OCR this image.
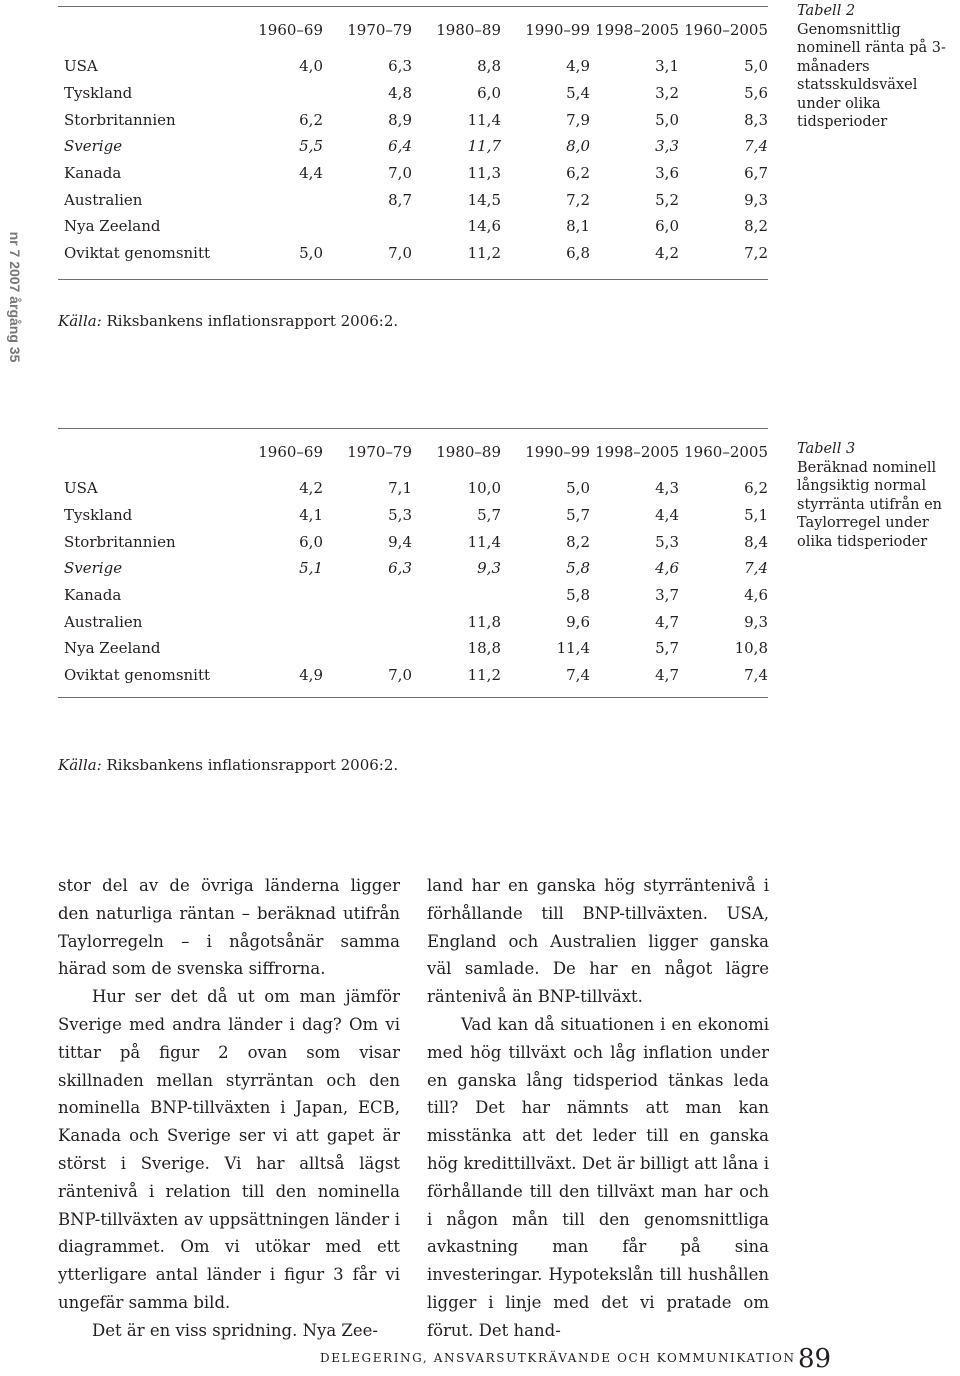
nr 7 2007 årgång 35
	1960–69	1970–79	1980–89	1990–99	1998–2005	1960–2005
USA	4,0	6,3	8,8	4,9	3,1	5,0
Tyskland		4,8	6,0	5,4	3,2	5,6
Storbritannien	6,2	8,9	11,4	7,9	5,0	8,3
Sverige	5,5	6,4	11,7	8,0	3,3	7,4
Kanada	4,4	7,0	11,3	6,2	3,6	6,7
Australien		8,7	14,5	7,2	5,2	9,3
Nya Zeeland			14,6	8,1	6,0	8,2
Oviktat genomsnitt	5,0	7,0	11,2	6,8	4,2	7,2
Källa: Riksbankens inflationsrapport 2006:2.
Tabell 2
Genomsnittlig nominell ränta på 3-månaders statsskuldsväxel under olika tidsperioder
	1960–69	1970–79	1980–89	1990–99	1998–2005	1960–2005
USA	4,2	7,1	10,0	5,0	4,3	6,2
Tyskland	4,1	5,3	5,7	5,7	4,4	5,1
Storbritannien	6,0	9,4	11,4	8,2	5,3	8,4
Sverige	5,1	6,3	9,3	5,8	4,6	7,4
Kanada				5,8	3,7	4,6
Australien			11,8	9,6	4,7	9,3
Nya Zeeland			18,8	11,4	5,7	10,8
Oviktat genomsnitt	4,9	7,0	11,2	7,4	4,7	7,4
Källa: Riksbankens inflationsrapport 2006:2.
Tabell 3
Beräknad nominell långsiktig normal styrränta utifrån en Taylorregel under olika tidsperioder

stor del av de övriga länderna ligger den naturliga räntan – beräknad utifrån Taylorregeln – i någotsånär samma härad som de svenska siffrorna.

Hur ser det då ut om man jämför Sverige med andra länder i dag? Om vi tittar på figur 2 ovan som visar skillnaden mellan styrräntan och den nominella BNP-tillväxten i Japan, ECB, Kanada och Sverige ser vi att gapet är störst i Sverige. Vi har alltså lägst räntenivå i relation till den nominella BNP-tillväxten av uppsättningen länder i diagrammet. Om vi utökar med ett ytterligare antal länder i figur 3 får vi ungefär samma bild.

Det är en viss spridning. Nya Zee-

land har en ganska hög styrräntenivå i förhållande till BNP-tillväxten. USA, England och Australien ligger ganska väl samlade. De har en något lägre räntenivå än BNP-tillväxt.

Vad kan då situationen i en ekonomi med hög tillväxt och låg inflation under en ganska lång tidsperiod tänkas leda till? Det har nämnts att man kan misstänka att det leder till en ganska hög kredittillväxt. Det är billigt att låna i förhållande till den tillväxt man har och i någon mån till den genomsnittliga avkastning man får på sina investeringar. Hypotekslån till hushållen ligger i linje med det vi pratade om förut. Det hand-

DELEGERING, ANSVARSUTKRÄVANDE OCH KOMMUNIKATION 89
